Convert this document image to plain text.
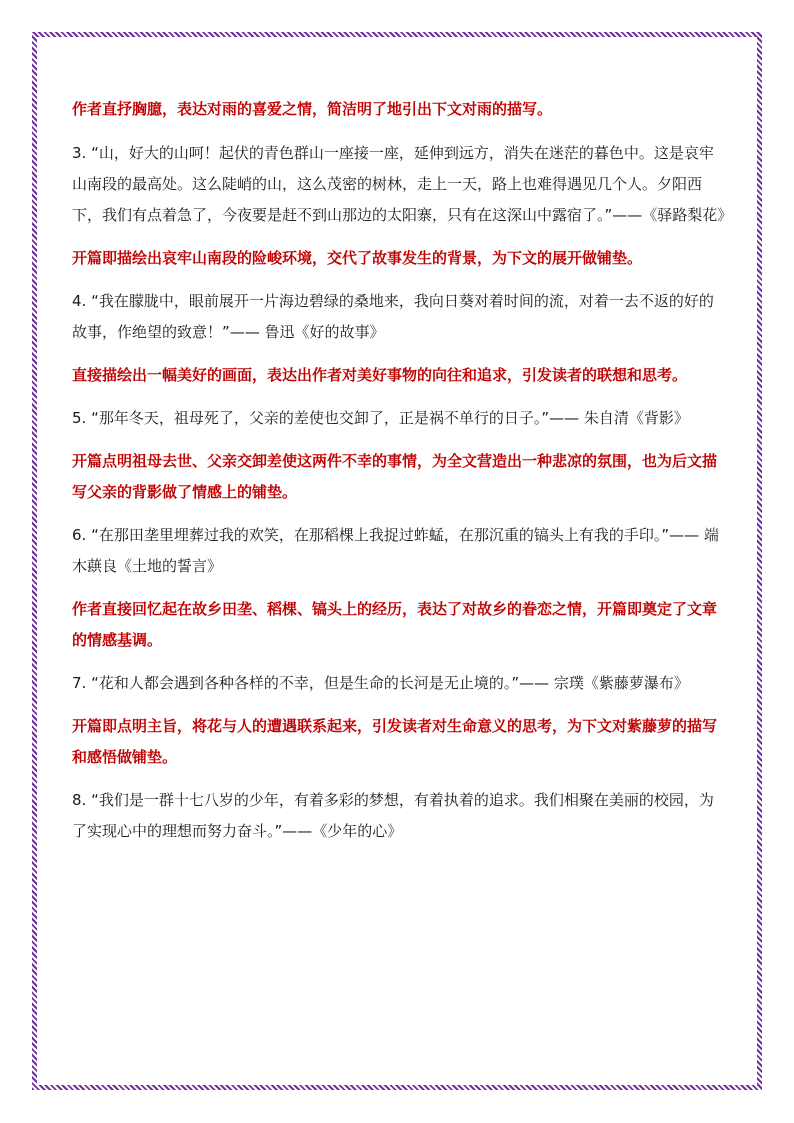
作者直抒胸臆，表达对雨的喜爱之情，简洁明了地引出下文对雨的描写。

3. “山，好大的山呵！起伏的青色群山一座接一座，延伸到远方，消失在迷茫的暮色中。这是哀牢山南段的最高处。这么陡峭的山，这么茂密的树林，走上一天，路上也难得遇见几个人。夕阳西下，我们有点着急了，今夜要是赶不到山那边的太阳寨，只有在这深山中露宿了。”——《驿路梨花》

开篇即描绘出哀牢山南段的险峻环境，交代了故事发生的背景，为下文的展开做铺垫。

4. “我在朦胧中，眼前展开一片海边碧绿的桑地来，我向日葵对着时间的流，对着一去不返的好的故事，作绝望的致意！”—— 鲁迅《好的故事》

直接描绘出一幅美好的画面，表达出作者对美好事物的向往和追求，引发读者的联想和思考。

5. “那年冬天，祖母死了，父亲的差使也交卸了，正是祸不单行的日子。”—— 朱自清《背影》

开篇点明祖母去世、父亲交卸差使这两件不幸的事情，为全文营造出一种悲凉的氛围，也为后文描写父亲的背影做了情感上的铺垫。

6. “在那田垄里埋葬过我的欢笑，在那稻棵上我捉过蚱蜢，在那沉重的镐头上有我的手印。”—— 端木蕻良《土地的誓言》

作者直接回忆起在故乡田垄、稻棵、镐头上的经历，表达了对故乡的眷恋之情，开篇即奠定了文章的情感基调。

7. “花和人都会遇到各种各样的不幸，但是生命的长河是无止境的。”—— 宗璞《紫藤萝瀑布》

开篇即点明主旨，将花与人的遭遇联系起来，引发读者对生命意义的思考，为下文对紫藤萝的描写和感悟做铺垫。

8. “我们是一群十七八岁的少年，有着多彩的梦想，有着执着的追求。我们相聚在美丽的校园，为了实现心中的理想而努力奋斗。”——《少年的心》
